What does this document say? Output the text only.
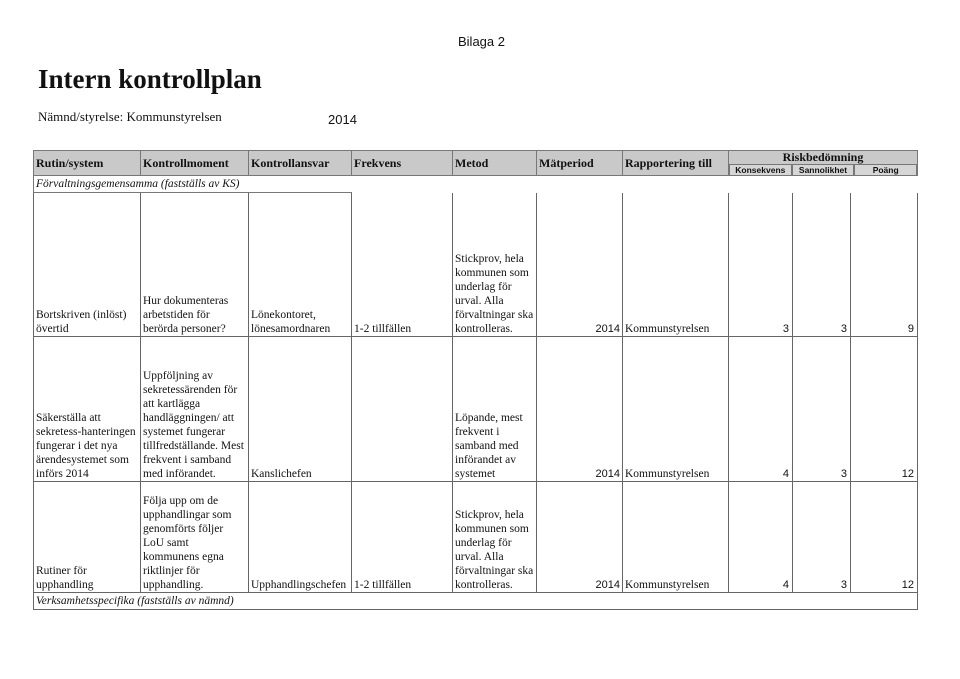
Bilaga 2
Intern kontrollplan
Nämnd/styrelse: Kommunstyrelsen	2014
Rutin/system	Kontrollmoment	Kontrollansvar	Frekvens	Metod	Mätperiod	Rapportering till	Riskbedömning
Konsekvens Sannolikhet Poäng		

Förvaltningsgemensamma (fastställs av KS)									
Bortskriven (inlöst) övertid	Hur dokumenteras arbetstiden för berörda personer?	Lönekontoret, lönesamordnaren	1-2 tillfällen	Stickprov, hela kommunen som underlag för urval. Alla förvaltningar ska kontrolleras.	2014	Kommunstyrelsen	3	3	9
Säkerställa att sekretess-hanteringen fungerar i det nya ärendesystemet som införs 2014	Uppföljning av sekretessärenden för att kartlägga handläggningen/ att systemet fungerar tillfredställande. Mest frekvent i samband med införandet.	Kanslichefen		Löpande, mest frekvent i samband med införandet av systemet	2014	Kommunstyrelsen	4	3	12
Rutiner för upphandling	Följa upp om de upphandlingar som genomförts följer LoU samt kommunens egna riktlinjer för upphandling.	Upphandlingschefen	1-2 tillfällen	Stickprov, hela kommunen som underlag för urval. Alla förvaltningar ska kontrolleras.	2014	Kommunstyrelsen	4	3	12
Verksamhetsspecifika (fastställs av nämnd)									
